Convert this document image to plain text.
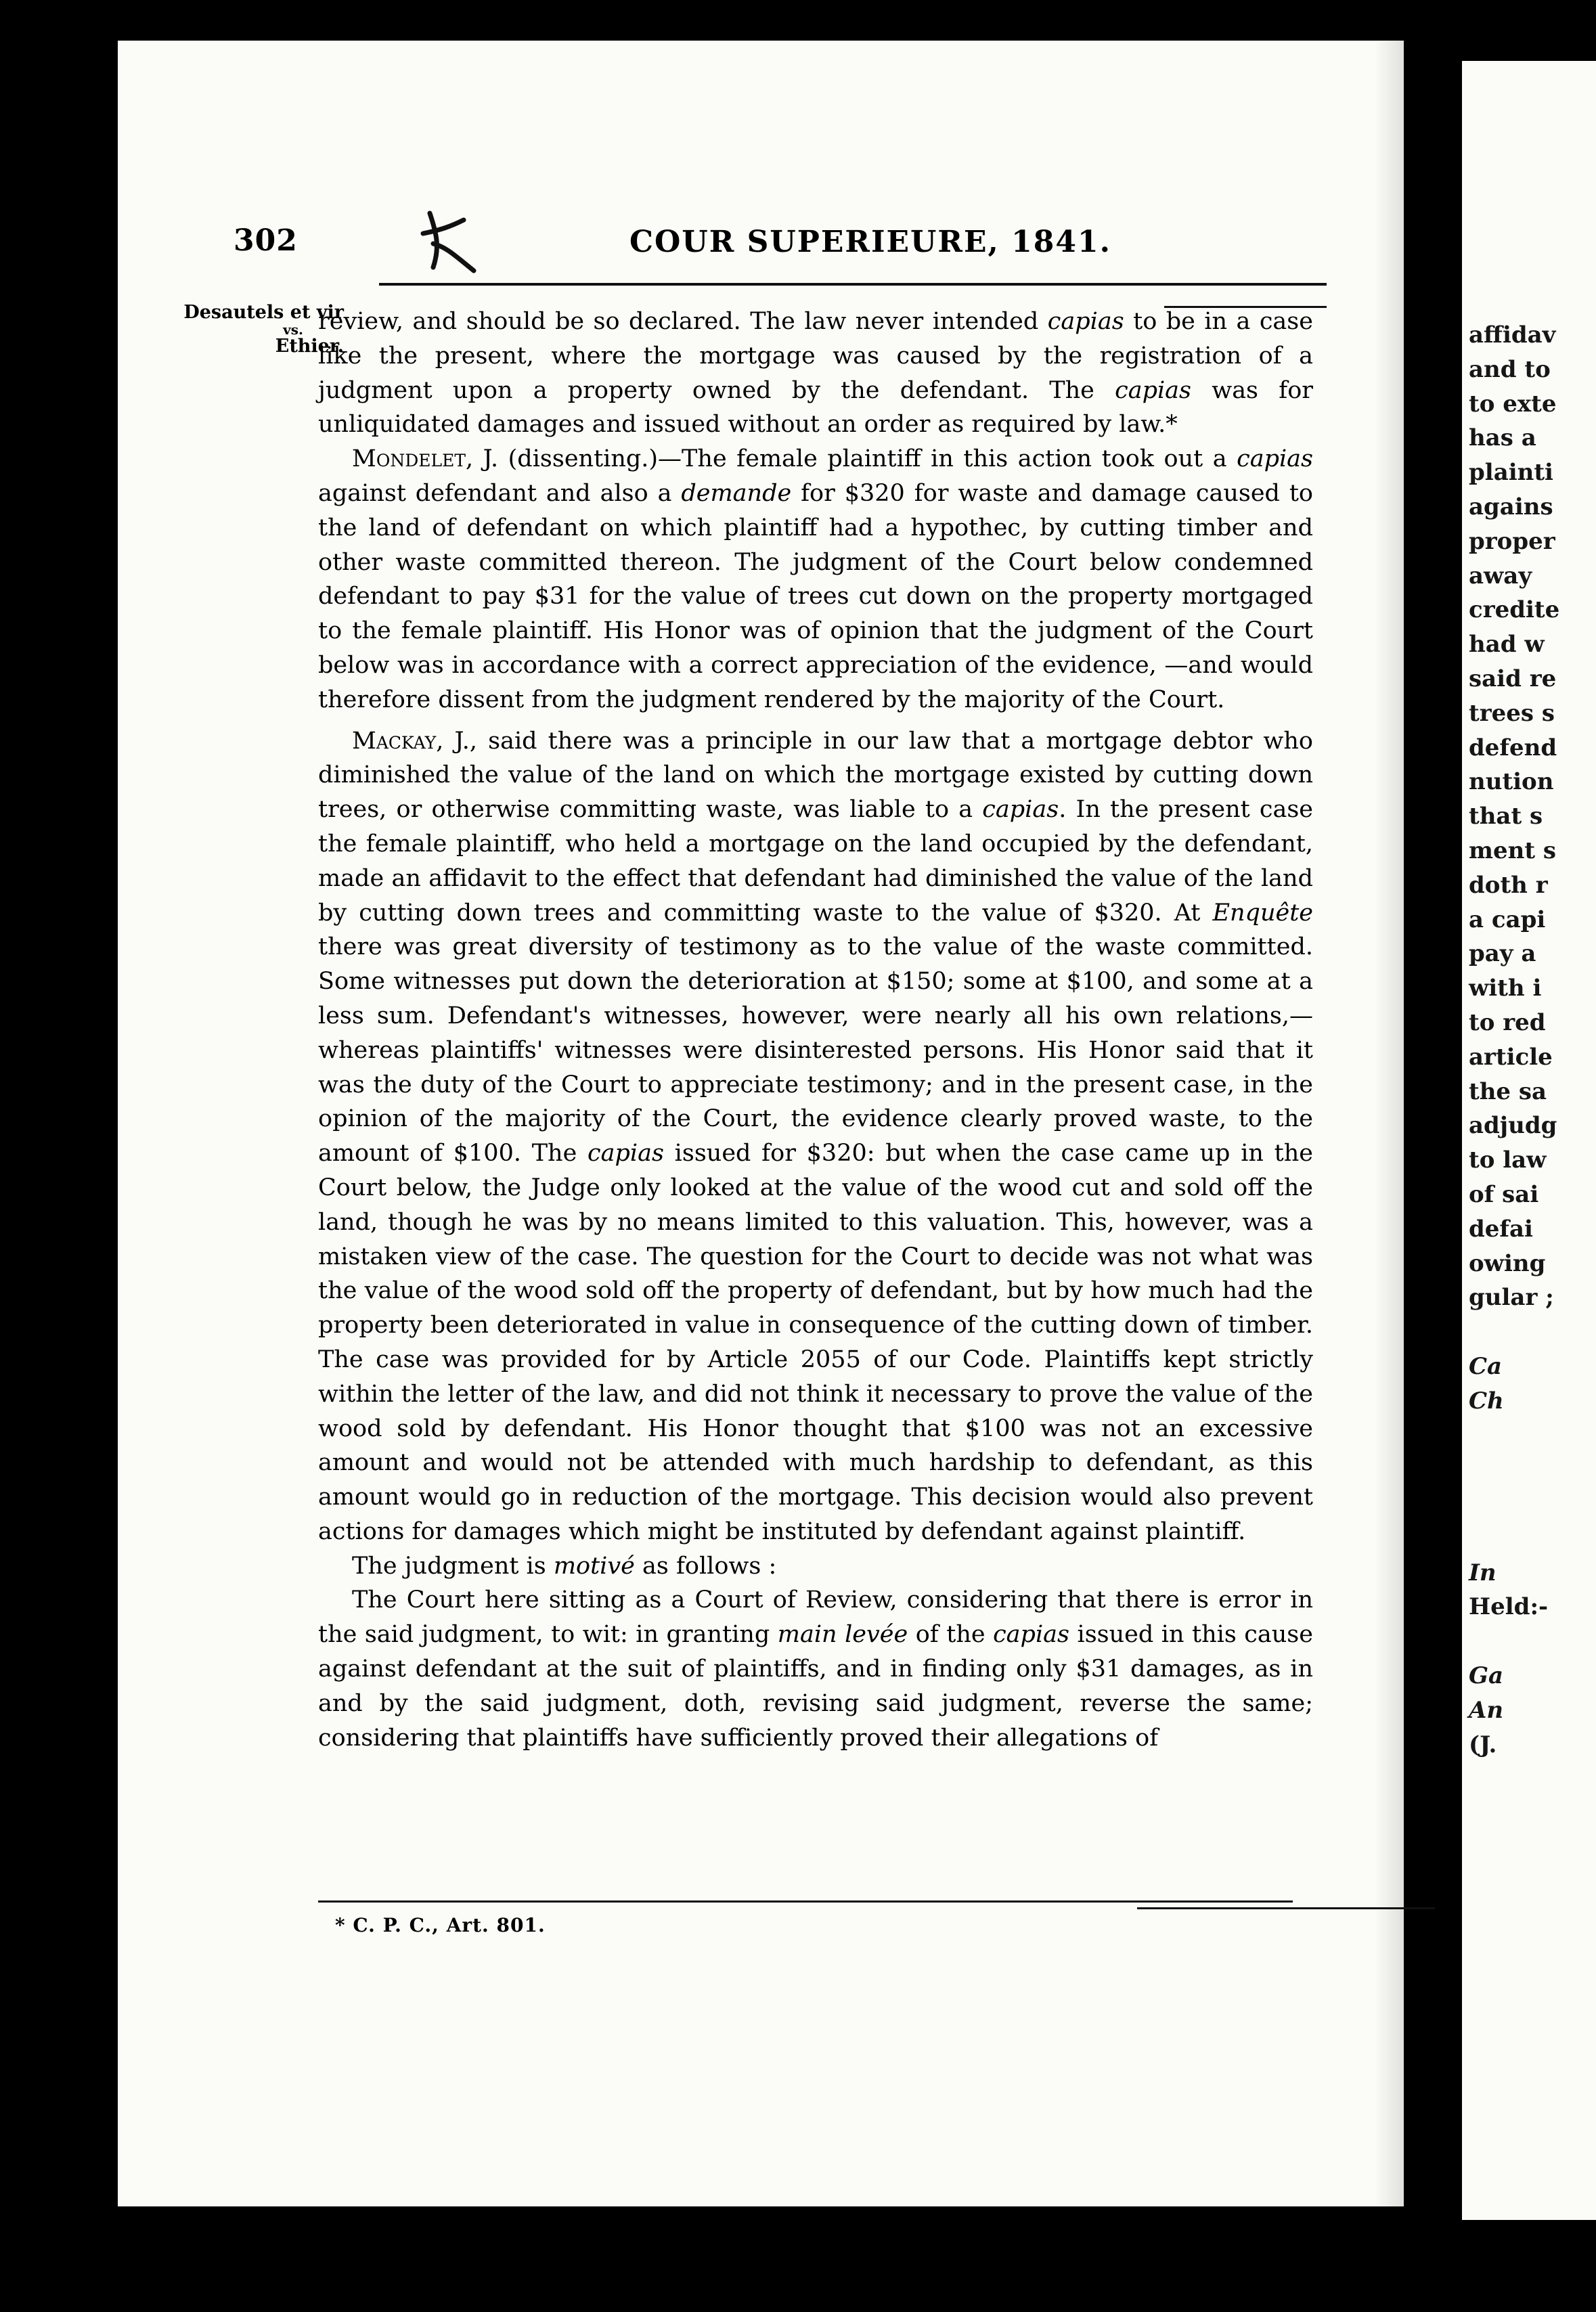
affidav
and to
to exte
has a
plainti
agains
proper
away
credite
had w
said re
trees s
defend
nution
that s
ment s
doth r
a capi
pay a
with i
to red
article
the sa
adjudg
to law
of sai
defai
owing
gular ;
Ca
Ch
In
Held:-
Ga
An
(J.
302	COUR SUPERIEURE, 1841.
Desautels et vir
vs.
Ethier.

review, and should be so declared. The law never intended capias to be in a case like the present, where the mortgage was caused by the registration of a judgment upon a property owned by the defendant. The capias was for unliquidated damages and issued without an order as required by law.*

Mondelet, J. (dissenting.)—The female plaintiff in this action took out a capias against defendant and also a demande for $320 for waste and damage caused to the land of defendant on which plaintiff had a hypothec, by cutting timber and other waste committed thereon. The judgment of the Court below condemned defendant to pay $31 for the value of trees cut down on the property mortgaged to the female plaintiff. His Honor was of opinion that the judgment of the Court below was in accordance with a correct appreciation of the evidence, —and would therefore dissent from the judgment rendered by the majority of the Court.

Mackay, J., said there was a principle in our law that a mortgage debtor who diminished the value of the land on which the mortgage existed by cutting down trees, or otherwise committing waste, was liable to a capias. In the present case the female plaintiff, who held a mortgage on the land occupied by the defendant, made an affidavit to the effect that defendant had diminished the value of the land by cutting down trees and committing waste to the value of $320. At Enquête there was great diversity of testimony as to the value of the waste committed. Some witnesses put down the deterioration at $150; some at $100, and some at a less sum. Defendant's witnesses, however, were nearly all his own relations,—whereas plaintiffs' witnesses were disinterested persons. His Honor said that it was the duty of the Court to appreciate testimony; and in the present case, in the opinion of the majority of the Court, the evidence clearly proved waste, to the amount of $100. The capias issued for $320: but when the case came up in the Court below, the Judge only looked at the value of the wood cut and sold off the land, though he was by no means limited to this valuation. This, however, was a mistaken view of the case. The question for the Court to decide was not what was the value of the wood sold off the property of defendant, but by how much had the property been deteriorated in value in consequence of the cutting down of timber. The case was provided for by Article 2055 of our Code. Plaintiffs kept strictly within the letter of the law, and did not think it necessary to prove the value of the wood sold by defendant. His Honor thought that $100 was not an excessive amount and would not be attended with much hardship to defendant, as this amount would go in reduction of the mortgage. This decision would also prevent actions for damages which might be instituted by defendant against plaintiff.

The judgment is motivé as follows :

The Court here sitting as a Court of Review, considering that there is error in the said judgment, to wit: in granting main levée of the capias issued in this cause against defendant at the suit of plaintiffs, and in finding only $31 damages, as in and by the said judgment, doth, revising said judgment, reverse the same; considering that plaintiffs have sufficiently proved their allegations of

* C. P. C., Art. 801.
